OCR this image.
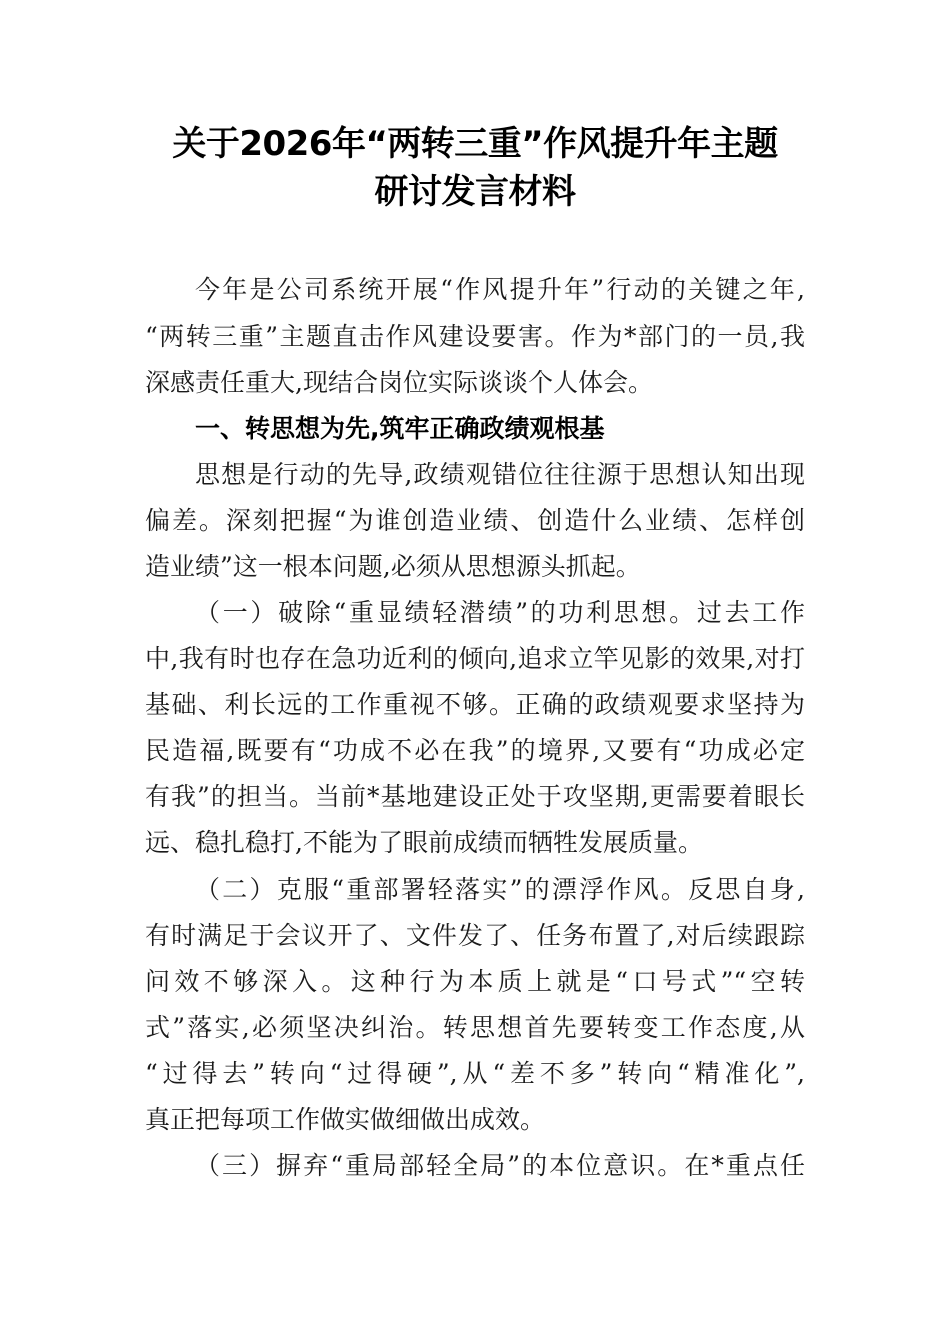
关于2026年“两转三重”作风提升年主题
研讨发言材料
今年是公司系统开展“作风提升年”行动的关键之年,
“两转三重”主题直击作风建设要害。作为*部门的一员,我
深感责任重大,现结合岗位实际谈谈个人体会。
一、转思想为先,筑牢正确政绩观根基
思想是行动的先导,政绩观错位往往源于思想认知出现
偏差。深刻把握“为谁创造业绩、创造什么业绩、怎样创
造业绩”这一根本问题,必须从思想源头抓起。
（一）破除“重显绩轻潜绩”的功利思想。过去工作
中,我有时也存在急功近利的倾向,追求立竿见影的效果,对打
基础、利长远的工作重视不够。正确的政绩观要求坚持为
民造福,既要有“功成不必在我”的境界,又要有“功成必定
有我”的担当。当前*基地建设正处于攻坚期,更需要着眼长
远、稳扎稳打,不能为了眼前成绩而牺牲发展质量。
（二）克服“重部署轻落实”的漂浮作风。反思自身,
有时满足于会议开了、文件发了、任务布置了,对后续跟踪
问效不够深入。这种行为本质上就是“口号式”“空转
式”落实,必须坚决纠治。转思想首先要转变工作态度,从
“过得去”转向“过得硬”,从“差不多”转向“精准化”,
真正把每项工作做实做细做出成效。
（三）摒弃“重局部轻全局”的本位意识。在*重点任
